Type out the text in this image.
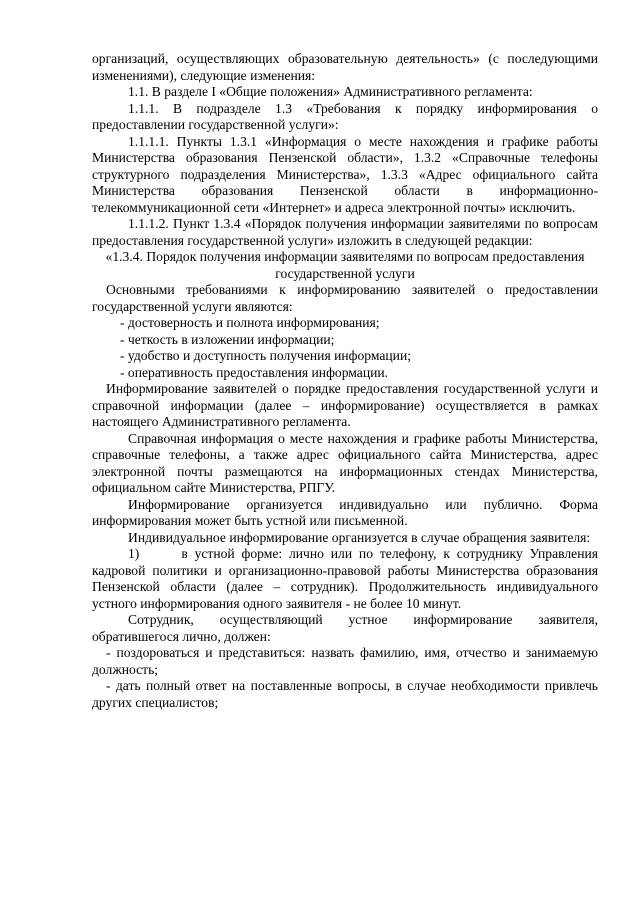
организаций, осуществляющих образовательную деятельность» (с последующими изменениями), следующие изменения:

1.1. В разделе I «Общие положения» Административного регламента:

1.1.1. В подразделе 1.3 «Требования к порядку информирования о предоставлении государственной услуги»:

1.1.1.1. Пункты 1.3.1 «Информация о месте нахождения и графике работы Министерства образования Пензенской области», 1.3.2 «Справочные телефоны структурного подразделения Министерства», 1.3.3 «Адрес официального сайта Министерства образования Пензенской области в информационно-телекоммуникационной сети «Интернет» и адреса электронной почты» исключить.

1.1.1.2. Пункт 1.3.4 «Порядок получения информации заявителями по вопросам предоставления государственной услуги» изложить в следующей редакции:

«1.3.4. Порядок получения информации заявителями по вопросам предоставления государственной услуги

Основными требованиями к информированию заявителей о предоставлении государственной услуги являются:

- достоверность и полнота информирования;

- четкость в изложении информации;

- удобство и доступность получения информации;

- оперативность предоставления информации.

Информирование заявителей о порядке предоставления государственной услуги и справочной информации (далее – информирование) осуществляется в рамках настоящего Административного регламента.

Справочная информация о месте нахождения и графике работы Министерства, справочные телефоны, а также адрес официального сайта Министерства, адрес электронной почты размещаются на информационных стендах Министерства, официальном сайте Министерства, РПГУ.

Информирование организуется индивидуально или публично. Форма информирования может быть устной или письменной.

Индивидуальное информирование организуется в случае обращения заявителя:

1)	в устной форме: лично или по телефону, к сотруднику Управления кадровой политики и организационно-правовой работы Министерства образования Пензенской области (далее – сотрудник). Продолжительность индивидуального устного информирования одного заявителя - не более 10 минут.

Сотрудник, осуществляющий устное информирование заявителя, обратившегося лично, должен:

- поздороваться и представиться: назвать фамилию, имя, отчество и занимаемую должность;

- дать полный ответ на поставленные вопросы, в случае необходимости привлечь других специалистов;
